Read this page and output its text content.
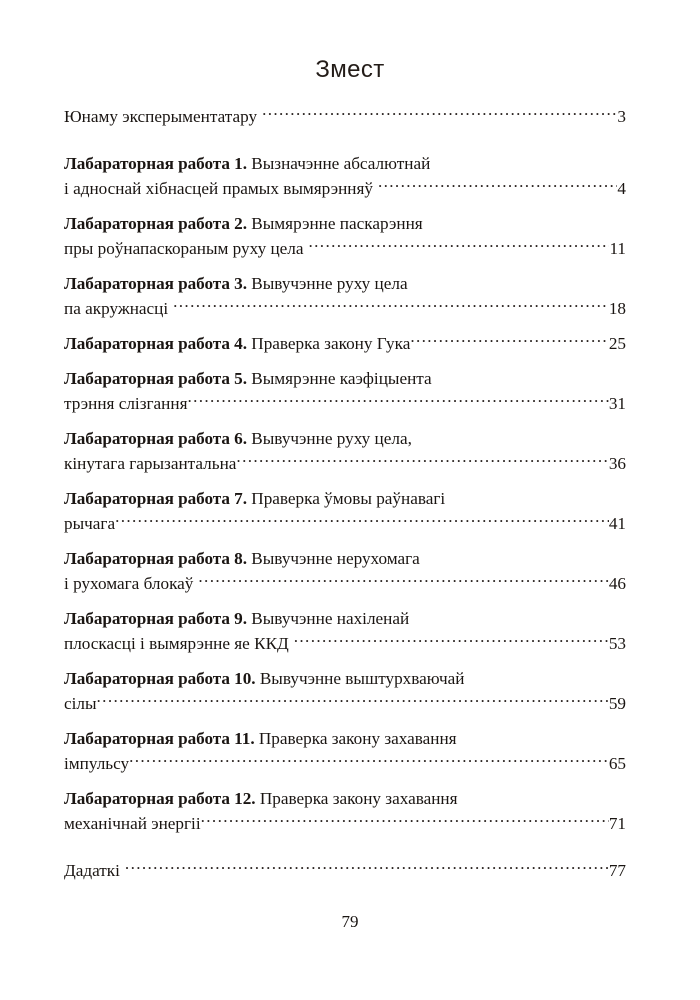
Змест
Юнаму эксперыментатару .....	3
Лабараторная работа 1.
Вызначэнне абсалютнай
і адноснай хібнасцей прамых вымярэнняў .....	4
Лабараторная работа 2.
Вымярэнне паскарэння
пры роўнапаскораным руху цела .....	11
Лабараторная работа 3.
Вывучэнне руху цела
па акружнасці .....	18
Лабараторная работа 4.
Праверка закону Гука .....	25
Лабараторная работа 5.
Вымярэнне каэфіцыента
трэння слізгання .....	31
Лабараторная работа 6.
Вывучэнне руху цела,
кінутага гарызантальна .....	36
Лабараторная работа 7.
Праверка ўмовы раўнавагі
рычага .....	41
Лабараторная работа 8.
Вывучэнне нерухомага
і рухомага блокаў .....	46
Лабараторная работа 9.
Вывучэнне нахіленай
плоскасці і вымярэнне яе ККД .....	53
Лабараторная работа 10.
Вывучэнне выштурхваючай
сілы .....	59
Лабараторная работа 11.
Праверка закону захавання
імпульсу .....	65
Лабараторная работа 12.
Праверка закону захавання
механічнай энергіі .....	71
Дадаткі .....	77
79
